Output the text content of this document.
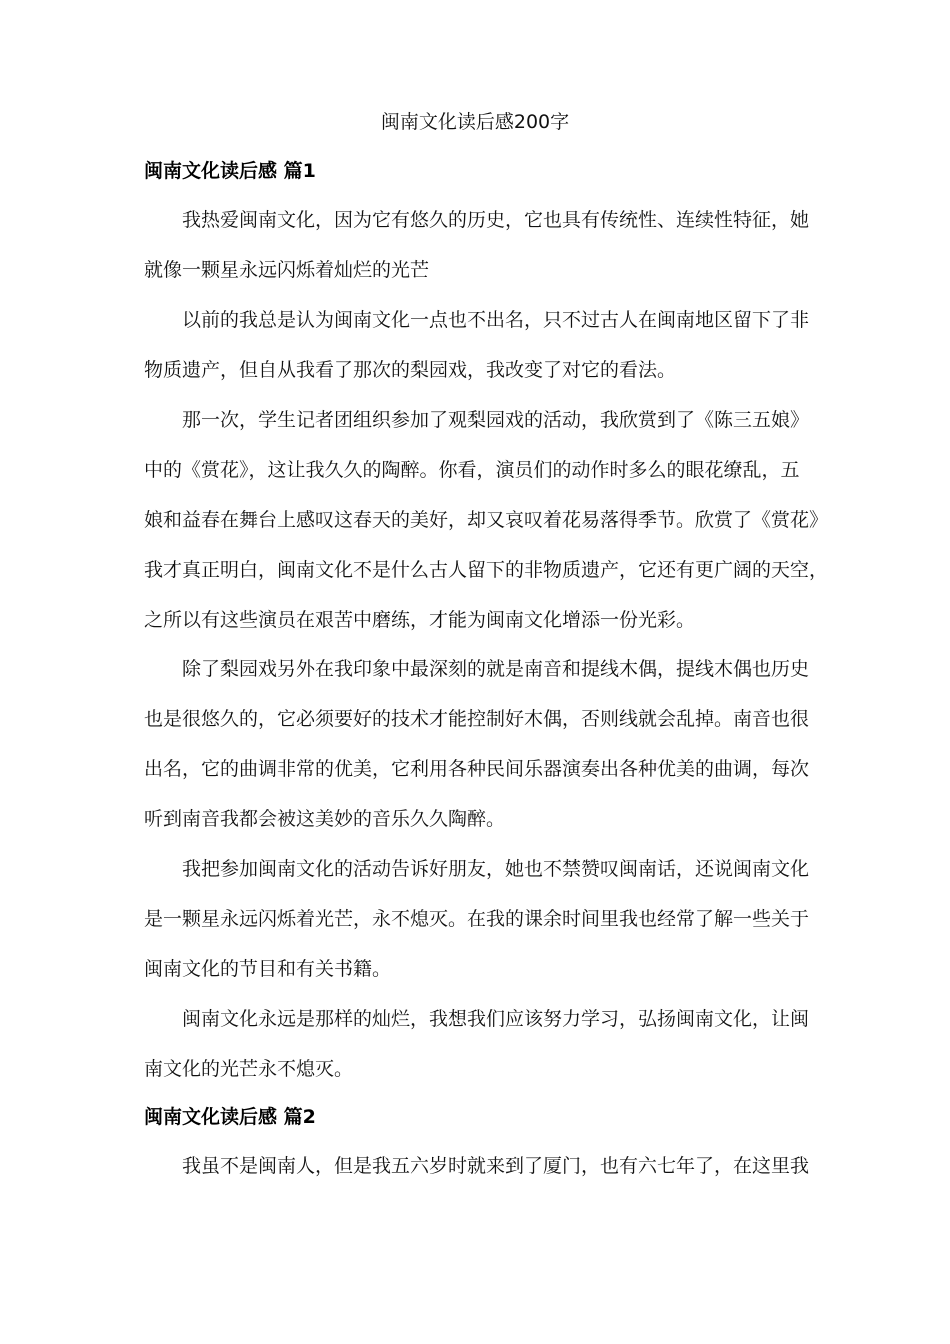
闽南文化读后感200字
闽南文化读后感 篇1
我热爱闽南文化，因为它有悠久的历史，它也具有传统性、连续性特征，她
就像一颗星永远闪烁着灿烂的光芒
以前的我总是认为闽南文化一点也不出名，只不过古人在闽南地区留下了非
物质遗产，但自从我看了那次的梨园戏，我改变了对它的看法。
那一次，学生记者团组织参加了观梨园戏的活动，我欣赏到了《陈三五娘》
中的《赏花》，这让我久久的陶醉。你看，演员们的动作时多么的眼花缭乱，五
娘和益春在舞台上感叹这春天的美好，却又哀叹着花易落得季节。欣赏了《赏花》
我才真正明白，闽南文化不是什么古人留下的非物质遗产，它还有更广阔的天空，
之所以有这些演员在艰苦中磨练，才能为闽南文化增添一份光彩。
除了梨园戏另外在我印象中最深刻的就是南音和提线木偶，提线木偶也历史
也是很悠久的，它必须要好的技术才能控制好木偶，否则线就会乱掉。南音也很
出名，它的曲调非常的优美，它利用各种民间乐器演奏出各种优美的曲调，每次
听到南音我都会被这美妙的音乐久久陶醉。
我把参加闽南文化的活动告诉好朋友，她也不禁赞叹闽南话，还说闽南文化
是一颗星永远闪烁着光芒，永不熄灭。在我的课余时间里我也经常了解一些关于
闽南文化的节目和有关书籍。
闽南文化永远是那样的灿烂，我想我们应该努力学习，弘扬闽南文化，让闽
南文化的光芒永不熄灭。
闽南文化读后感 篇2
我虽不是闽南人，但是我五六岁时就来到了厦门，也有六七年了，在这里我
